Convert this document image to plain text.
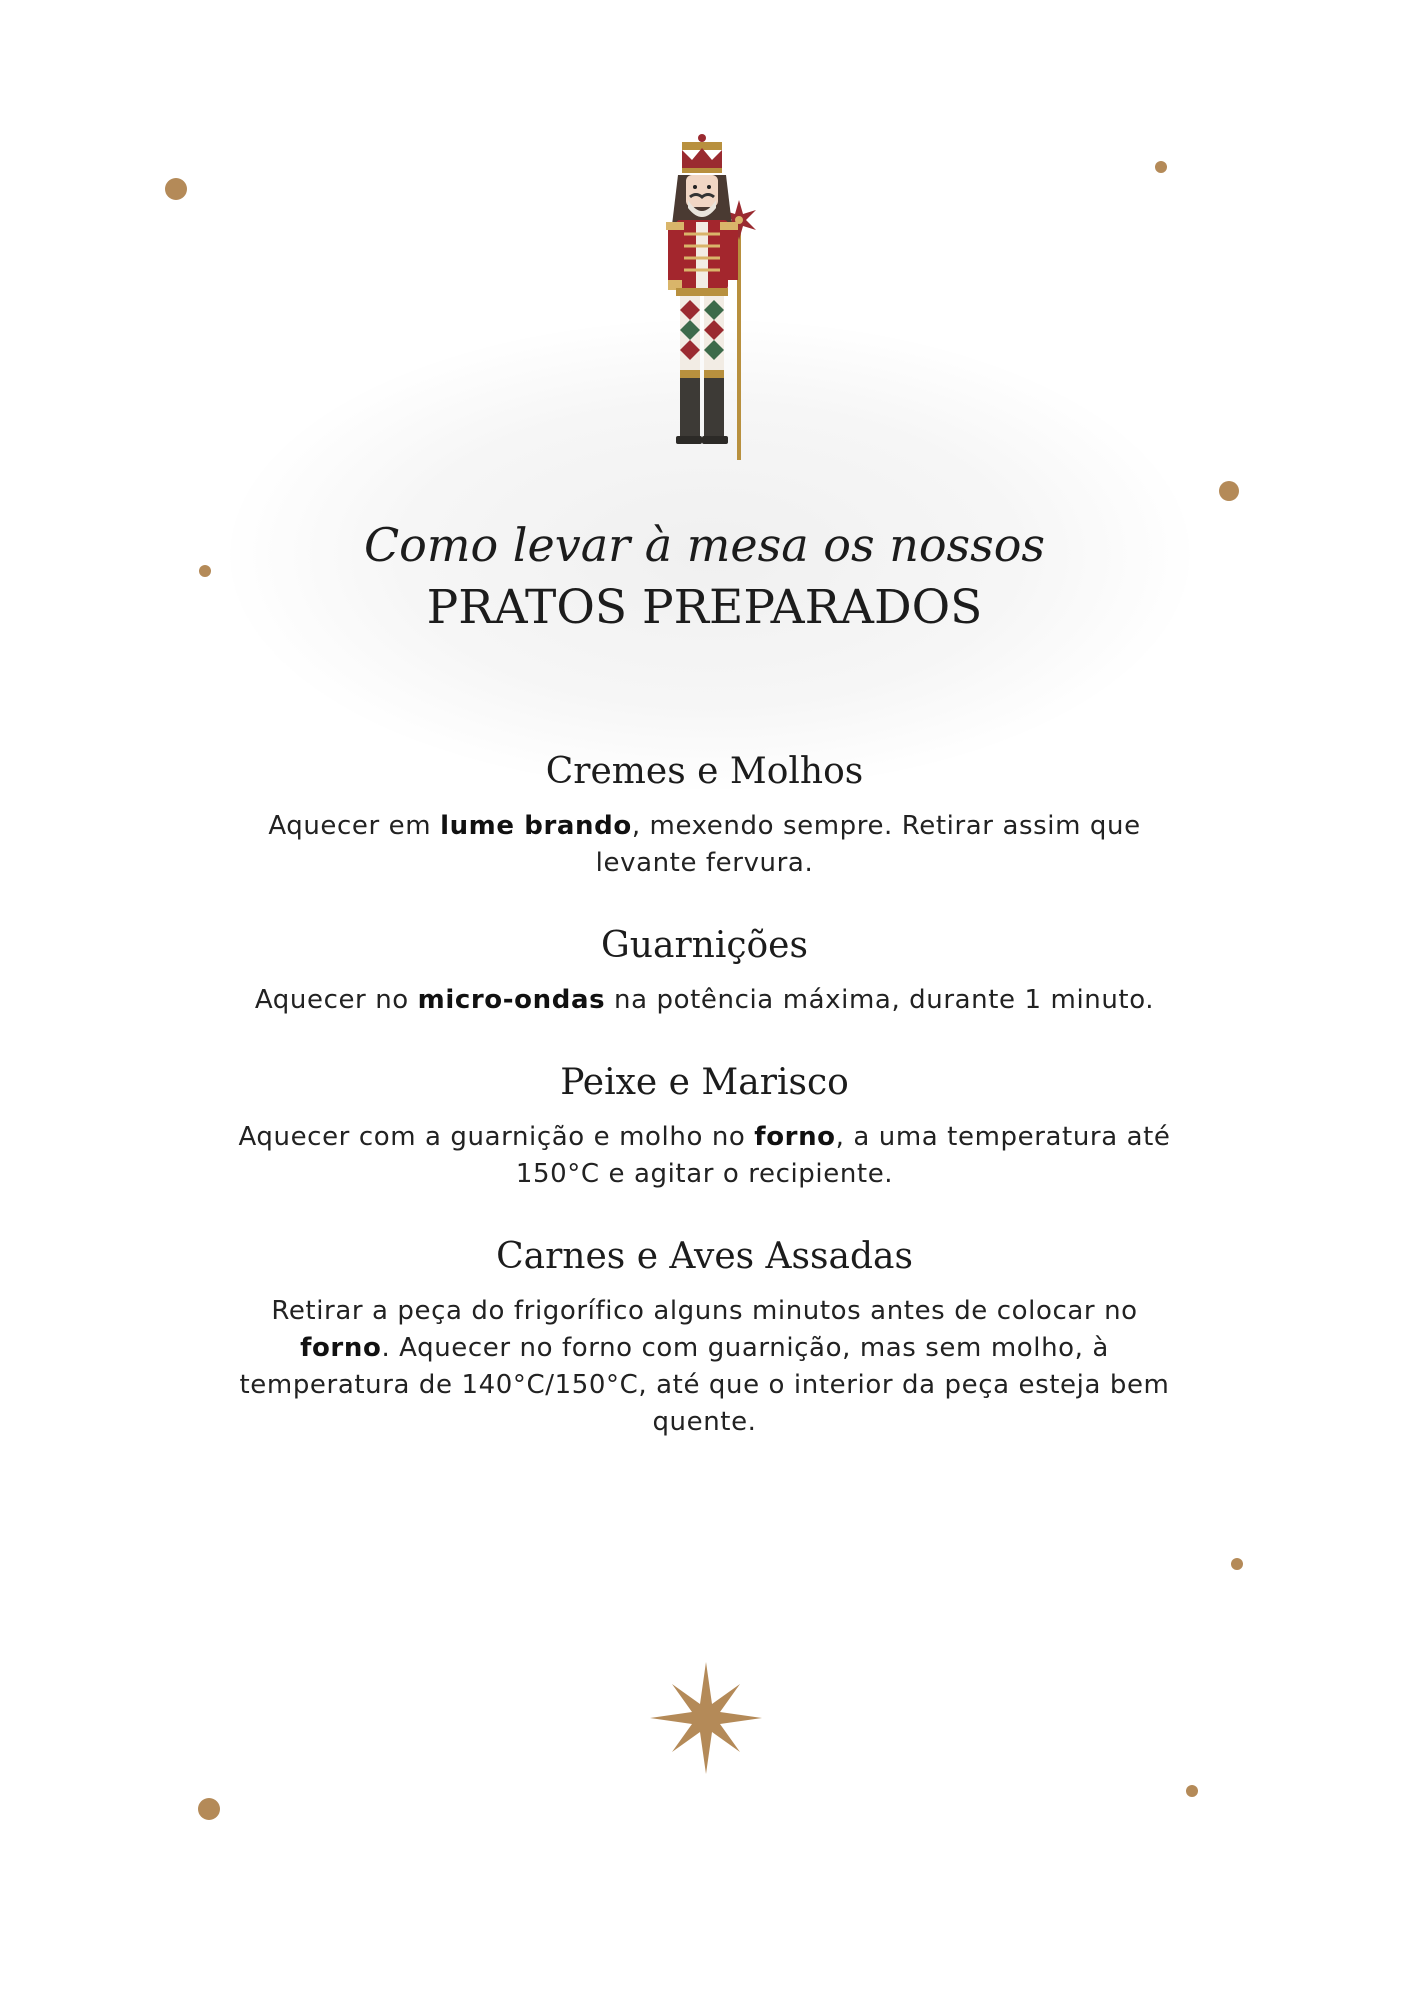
Como levar à mesa os nossos
PRATOS PREPARADOS
Cremes e Molhos

Aquecer em lume brando, mexendo sempre. Retirar assim que levante fervura.

Guarnições

Aquecer no micro-ondas na potência máxima, durante 1 minuto.

Peixe e Marisco

Aquecer com a guarnição e molho no forno, a uma temperatura até 150°C e agitar o recipiente.

Carnes e Aves Assadas

Retirar a peça do frigorífico alguns minutos antes de colocar no forno. Aquecer no forno com guarnição, mas sem molho, à temperatura de 140°C/150°C, até que o interior da peça esteja bem quente.
